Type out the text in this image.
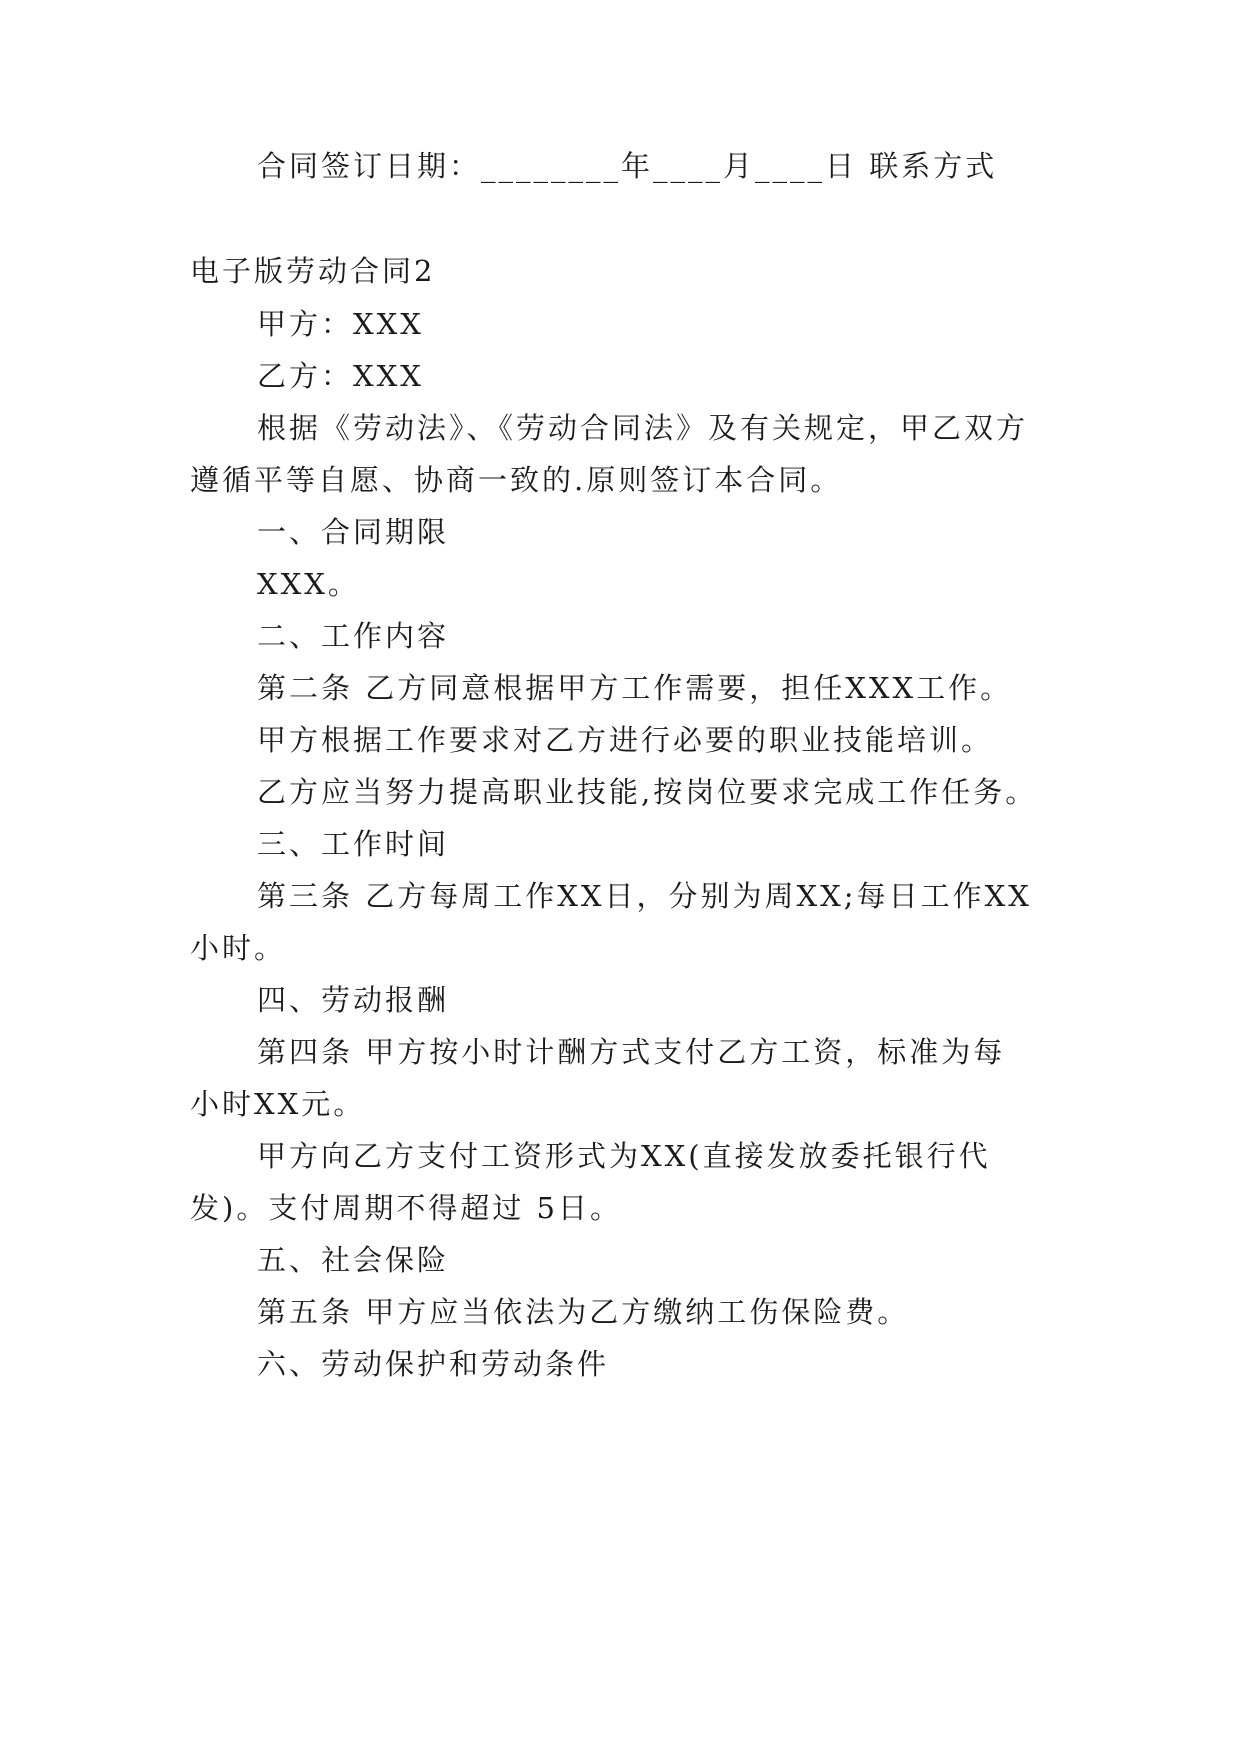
合同签订日期：________年____月____日 联系方式
电子版劳动合同2
甲方：XXX
乙方：XXX
根据《劳动法》、《劳动合同法》及有关规定，甲乙双方
遵循平等自愿、协商一致的.原则签订本合同。
一、合同期限
XXX。
二、工作内容
第二条 乙方同意根据甲方工作需要，担任XXX工作。
甲方根据工作要求对乙方进行必要的职业技能培训。
乙方应当努力提高职业技能,按岗位要求完成工作任务。
三、工作时间
第三条 乙方每周工作XX日，分别为周XX;每日工作XX
小时。
四、劳动报酬
第四条 甲方按小时计酬方式支付乙方工资，标准为每
小时XX元。
甲方向乙方支付工资形式为XX(直接发放委托银行代
发)。支付周期不得超过 5日。
五、社会保险
第五条 甲方应当依法为乙方缴纳工伤保险费。
六、劳动保护和劳动条件
